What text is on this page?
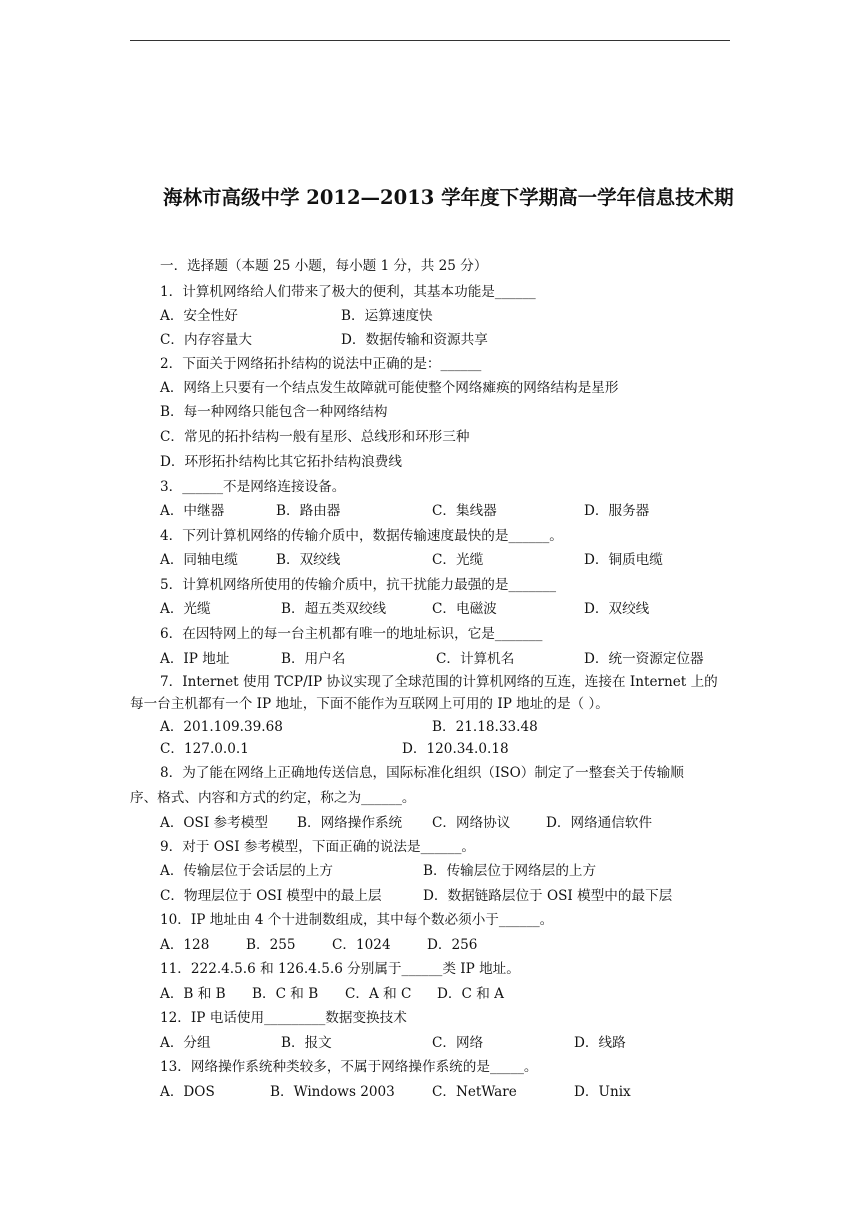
海林市高级中学 2012—2013 学年度下学期高一学年信息技术期
一．选择题（本题 25 小题，每小题 1 分，共 25 分）
1．计算机网络给人们带来了极大的便利，其基本功能是______
A．安全性好	B．运算速度快
C．内存容量大	D．数据传输和资源共享
2．下面关于网络拓扑结构的说法中正确的是：______
A．网络上只要有一个结点发生故障就可能使整个网络瘫痪的网络结构是星形
B．每一种网络只能包含一种网络结构
C．常见的拓扑结构一般有星形、总线形和环形三种
D．环形拓扑结构比其它拓扑结构浪费线
3．______不是网络连接设备。
A．中继器	B．路由器	C．集线器	D．服务器
4．下列计算机网络的传输介质中，数据传输速度最快的是______。
A．同轴电缆	B．双绞线	C．光缆	D．铜质电缆
5．计算机网络所使用的传输介质中，抗干扰能力最强的是_______
A．光缆	B．超五类双绞线	C．电磁波	D．双绞线
6．在因特网上的每一台主机都有唯一的地址标识，它是_______
A．IP 地址	B．用户名	C．计算机名	D．统一资源定位器
7．Internet 使用 TCP/IP 协议实现了全球范围的计算机网络的互连，连接在 Internet 上的
每一台主机都有一个 IP 地址，下面不能作为互联网上可用的 IP 地址的是（ ）。
A．201.109.39.68	B．21.18.33.48
C．127.0.0.1	D．120.34.0.18
8．为了能在网络上正确地传送信息，国际标准化组织（ISO）制定了一整套关于传输顺
序、格式、内容和方式的约定，称之为______。
A．OSI 参考模型 B．网络操作系统 C．网络协议	D．网络通信软件
9．对于 OSI 参考模型，下面正确的说法是______。
A．传输层位于会话层的上方	B．传输层位于网络层的上方
C．物理层位于 OSI 模型中的最上层	D．数据链路层位于 OSI 模型中的最下层
10．IP 地址由 4 个十进制数组成，其中每个数必须小于______。
A．128	B．255	C．1024	D．256
11．222.4.5.6 和 126.4.5.6 分别属于______类 IP 地址。
A．B 和 B B．C 和 B C．A 和 C D．C 和 A
12．IP 电话使用_________数据变换技术
A．分组	B．报文	C．网络	D．线路
13．网络操作系统种类较多，不属于网络操作系统的是_____。
A．DOS	B．Windows 2003	C．NetWare	D．Unix
